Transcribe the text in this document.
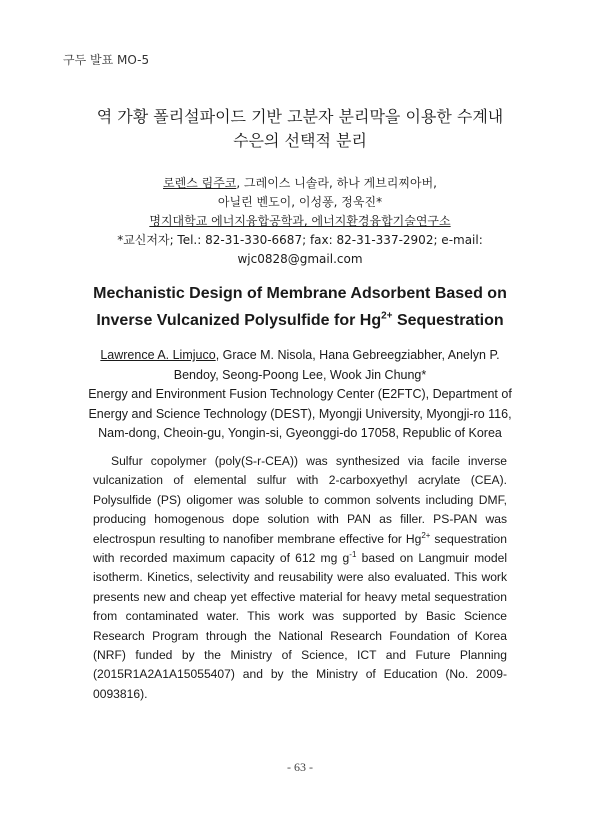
구두 발표 MO-5
역 가황 폴리설파이드 기반 고분자 분리막을 이용한 수계내
수은의 선택적 분리
로렌스 림주코, 그레이스 니솔라, 하나 게브리찌아버,
아닐린 벤도이, 이성퐁, 정욱진*
명지대학교 에너지융합공학과, 에너지환경융합기술연구소
*교신저자; Tel.: 82-31-330-6687; fax: 82-31-337-2902; e-mail:
wjc0828@gmail.com
Mechanistic Design of Membrane Adsorbent Based on
Inverse Vulcanized Polysulfide for $Hg^{2+}$ Sequestration
Lawrence A. Limjuco, Grace M. Nisola, Hana Gebreegziabher, Anelyn P.
Bendoy, Seong-Poong Lee, Wook Jin Chung*
Energy and Environment Fusion Technology Center (E2FTC), Department of
Energy and Science Technology (DEST), Myongji University, Myongji-ro 116,
Nam-dong, Cheoin-gu, Yongin-si, Gyeonggi-do 17058, Republic of Korea
Sulfur copolymer (poly(S-r-CEA)) was synthesized via facile inverse vulcanization of elemental sulfur with 2-carboxyethyl acrylate (CEA). Polysulfide (PS) oligomer was soluble to common solvents including DMF, producing homogenous dope solution with PAN as filler. PS-PAN was electrospun resulting to nanofiber membrane effective for $Hg^{2+}$ sequestration with recorded maximum capacity of 612 mg $g^{-1}$ based on Langmuir model isotherm. Kinetics, selectivity and reusability were also evaluated. This work presents new and cheap yet effective material for heavy metal sequestration from contaminated water. This work was supported by Basic Science Research Program through the National Research Foundation of Korea (NRF) funded by the Ministry of Science, ICT and Future Planning (2015R1A2A1A15055407) and by the Ministry of Education (No. 2009-0093816).
- 63 -
